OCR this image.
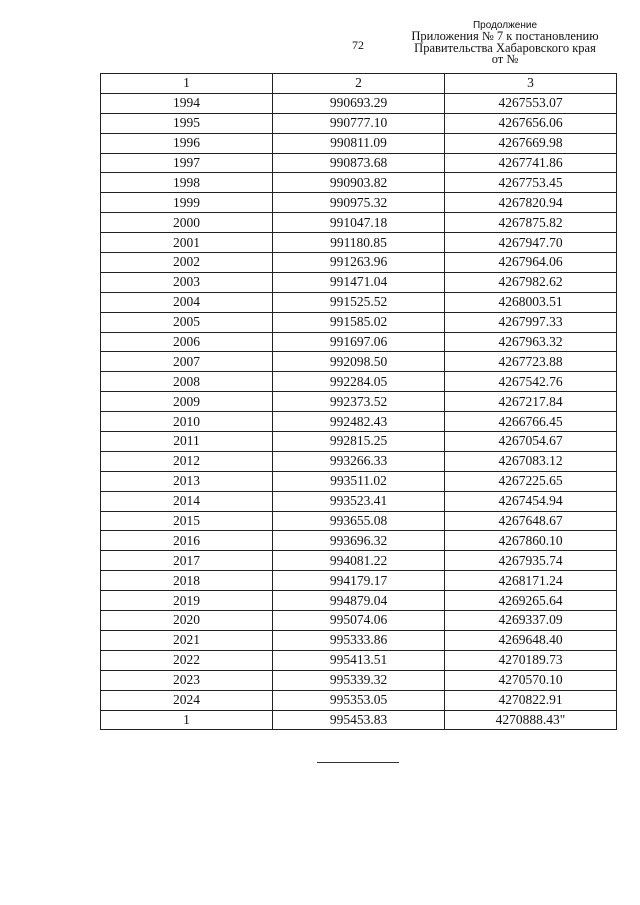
72
Продолжение
Приложения № 7 к постановлению
Правительства Хабаровского края
от №
1	2	3
1994	990693.29	4267553.07
1995	990777.10	4267656.06
1996	990811.09	4267669.98
1997	990873.68	4267741.86
1998	990903.82	4267753.45
1999	990975.32	4267820.94
2000	991047.18	4267875.82
2001	991180.85	4267947.70
2002	991263.96	4267964.06
2003	991471.04	4267982.62
2004	991525.52	4268003.51
2005	991585.02	4267997.33
2006	991697.06	4267963.32
2007	992098.50	4267723.88
2008	992284.05	4267542.76
2009	992373.52	4267217.84
2010	992482.43	4266766.45
2011	992815.25	4267054.67
2012	993266.33	4267083.12
2013	993511.02	4267225.65
2014	993523.41	4267454.94
2015	993655.08	4267648.67
2016	993696.32	4267860.10
2017	994081.22	4267935.74
2018	994179.17	4268171.24
2019	994879.04	4269265.64
2020	995074.06	4269337.09
2021	995333.86	4269648.40
2022	995413.51	4270189.73
2023	995339.32	4270570.10
2024	995353.05	4270822.91
1	995453.83	4270888.43"
